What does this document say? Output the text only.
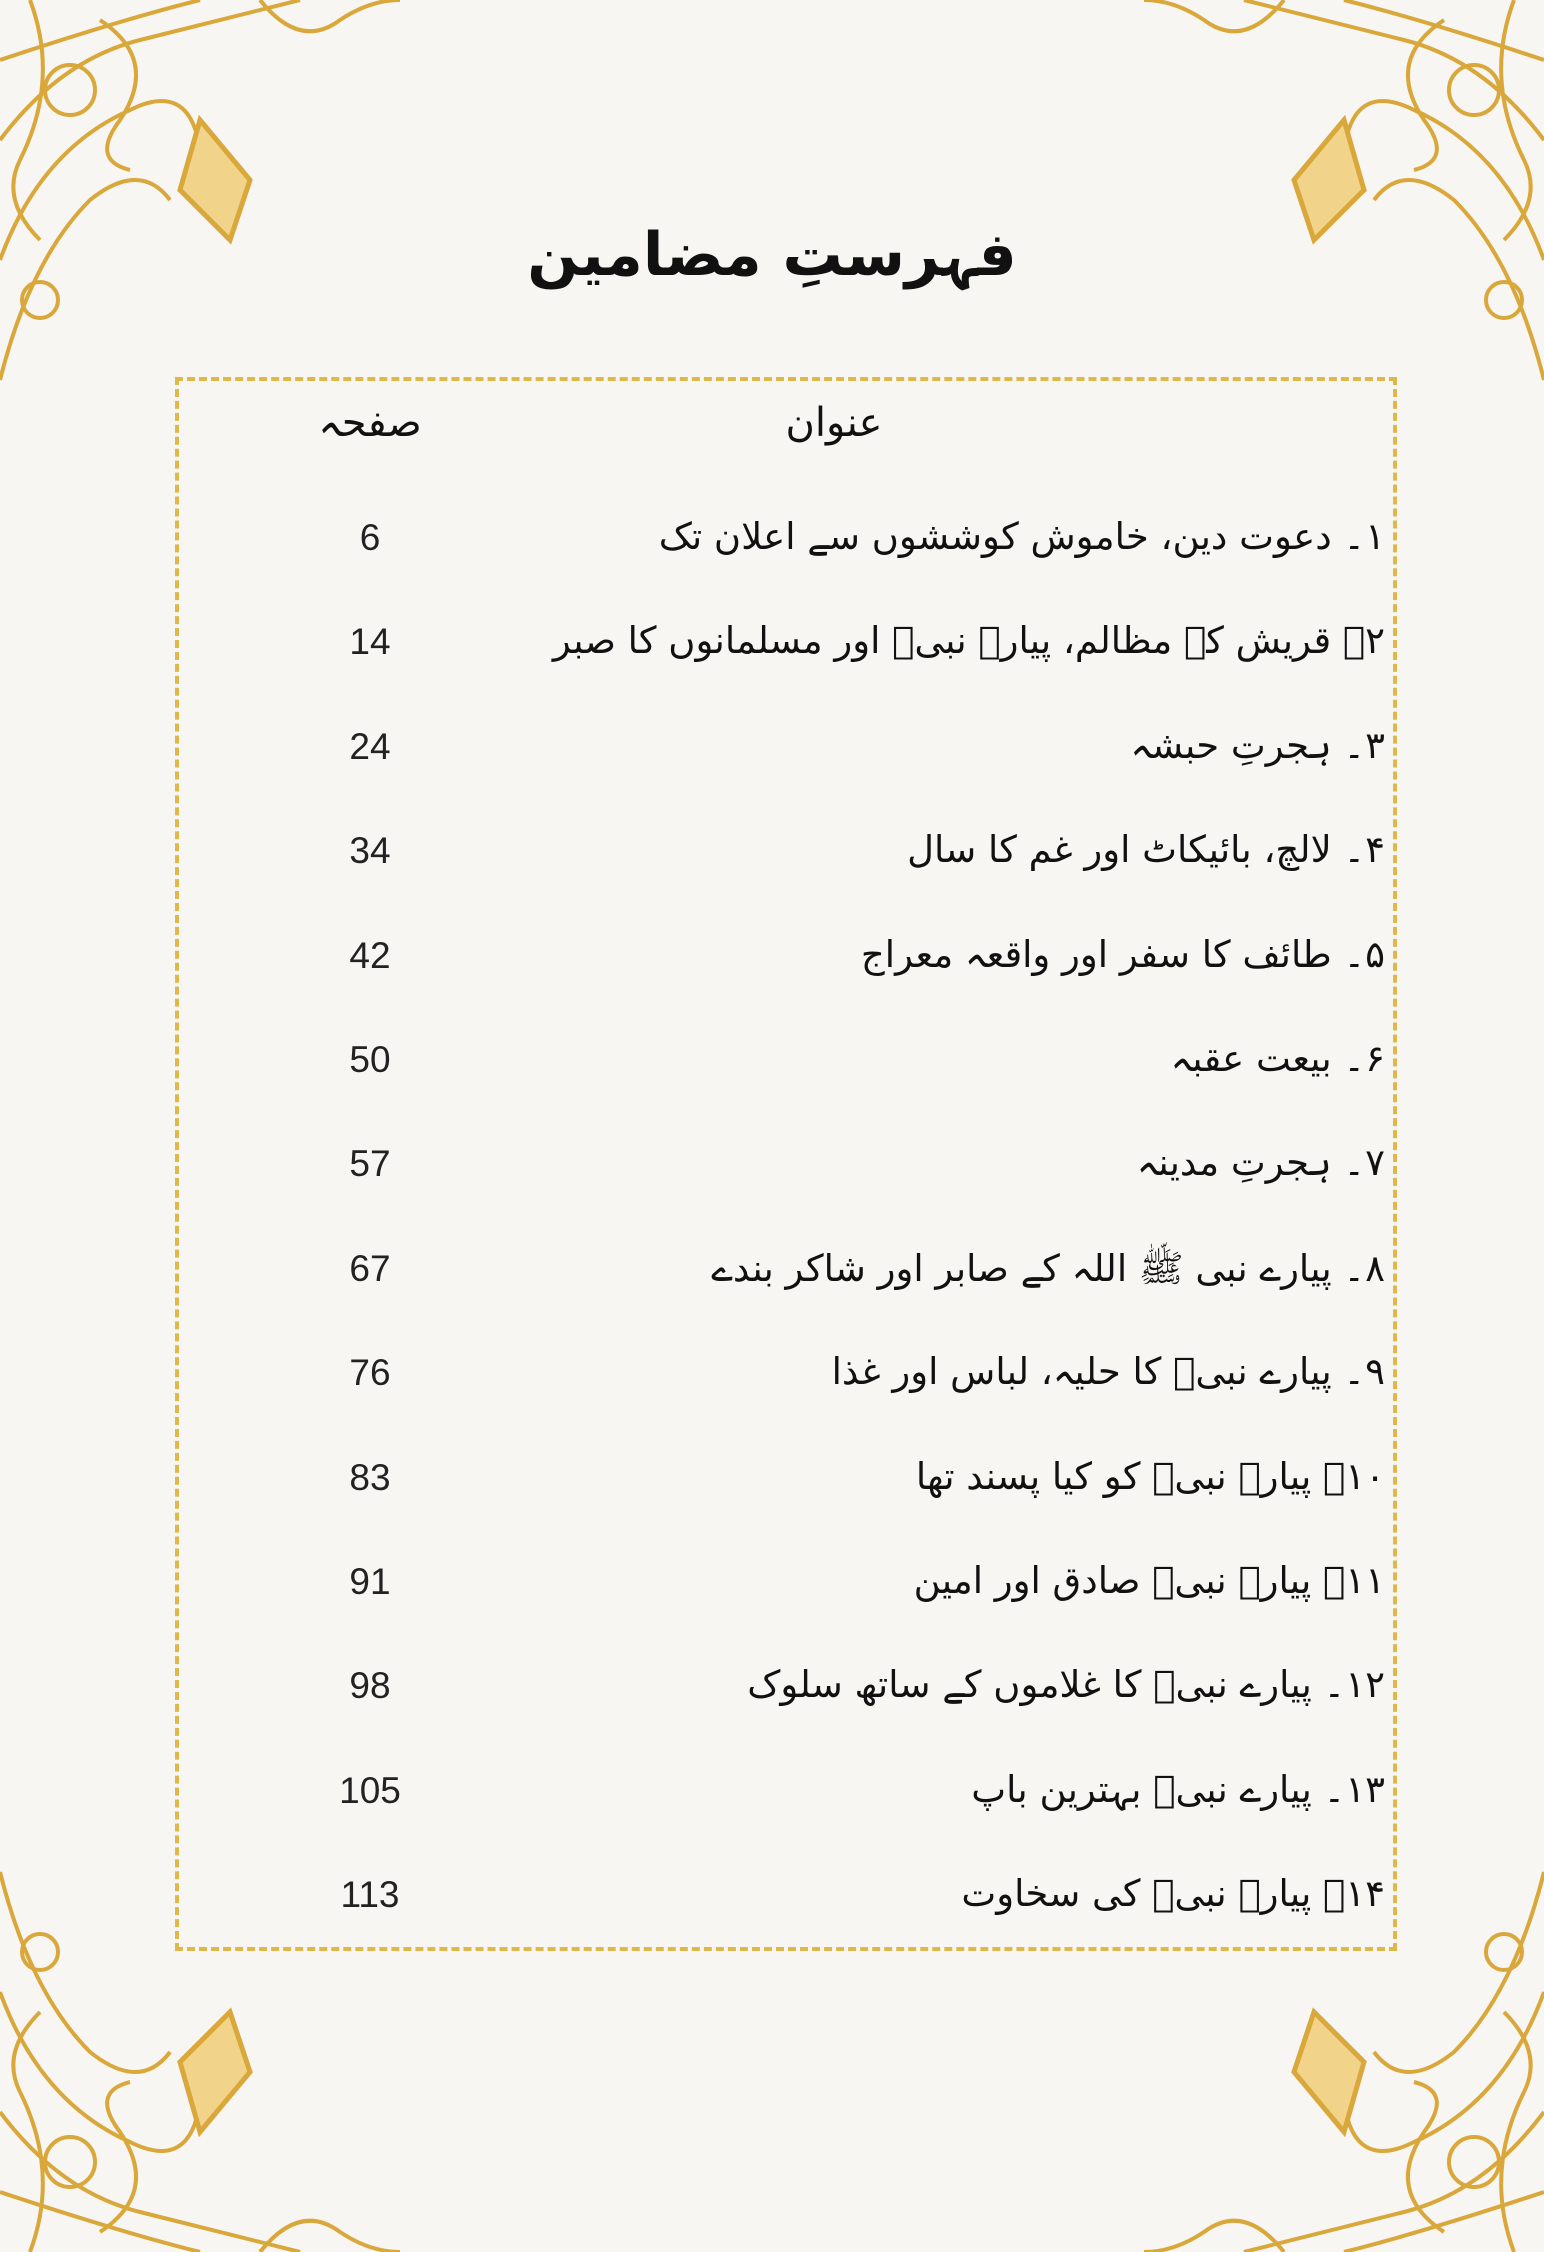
فہرستِ مضامین
عنوان
صفحہ
۱۔ دعوت دین، خاموش کوششوں سے اعلان تک
6
۲۔ قریش کے مظالم، پیارے نبیؐ اور مسلمانوں کا صبر
14
۳۔ ہجرتِ حبشہ
24
۴۔ لالچ، بائیکاٹ اور غم کا سال
34
۵۔ طائف کا سفر اور واقعہ معراج
42
۶۔ بیعت عقبہ
50
۷۔ ہجرتِ مدینہ
57
۸۔ پیارے نبی ﷺ اللہ کے صابر اور شاکر بندے
67
۹۔ پیارے نبیؐ کا حلیہ، لباس اور غذا
76
۱۰۔ پیارے نبیؐ کو کیا پسند تھا
83
۱۱۔ پیارے نبیؐ صادق اور امین
91
۱۲۔ پیارے نبیؐ کا غلاموں کے ساتھ سلوک
98
۱۳۔ پیارے نبیؐ بہترین باپ
105
۱۴۔ پیارے نبیؐ کی سخاوت
113
